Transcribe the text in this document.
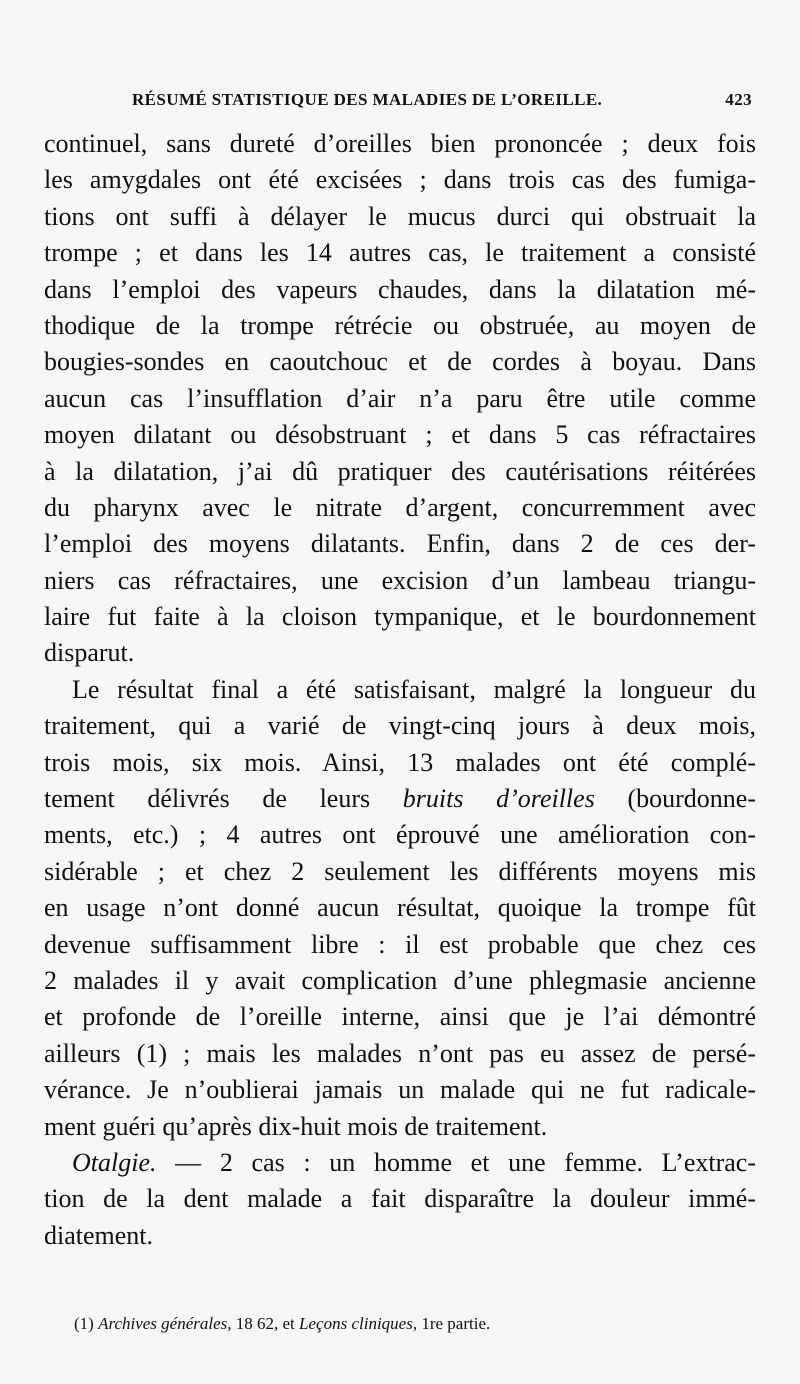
RÉSUMÉ STATISTIQUE DES MALADIES DE L’OREILLE.	423
continuel, sans dureté d’oreilles bien prononcée ; deux fois
les amygdales ont été excisées ; dans trois cas des fumiga-
tions ont suffi à délayer le mucus durci qui obstruait la
trompe ; et dans les 14 autres cas, le traitement a consisté
dans l’emploi des vapeurs chaudes, dans la dilatation mé-
thodique de la trompe rétrécie ou obstruée, au moyen de
bougies-sondes en caoutchouc et de cordes à boyau. Dans
aucun cas l’insufflation d’air n’a paru être utile comme
moyen dilatant ou désobstruant ; et dans 5 cas réfractaires
à la dilatation, j’ai dû pratiquer des cautérisations réitérées
du pharynx avec le nitrate d’argent, concurremment avec
l’emploi des moyens dilatants. Enfin, dans 2 de ces der-
niers cas réfractaires, une excision d’un lambeau triangu-
laire fut faite à la cloison tympanique, et le bourdonnement
disparut.
Le résultat final a été satisfaisant, malgré la longueur du
traitement, qui a varié de vingt-cinq jours à deux mois,
trois mois, six mois. Ainsi, 13 malades ont été complé-
tement délivrés de leurs bruits d’oreilles (bourdonne-
ments, etc.) ; 4 autres ont éprouvé une amélioration con-
sidérable ; et chez 2 seulement les différents moyens mis
en usage n’ont donné aucun résultat, quoique la trompe fût
devenue suffisamment libre : il est probable que chez ces
2 malades il y avait complication d’une phlegmasie ancienne
et profonde de l’oreille interne, ainsi que je l’ai démontré
ailleurs (1) ; mais les malades n’ont pas eu assez de persé-
vérance. Je n’oublierai jamais un malade qui ne fut radicale-
ment guéri qu’après dix-huit mois de traitement.
Otalgie. — 2 cas : un homme et une femme. L’extrac-
tion de la dent malade a fait disparaître la douleur immé-
diatement.
(1) Archives générales, 18 62, et Leçons cliniques, 1re partie.
